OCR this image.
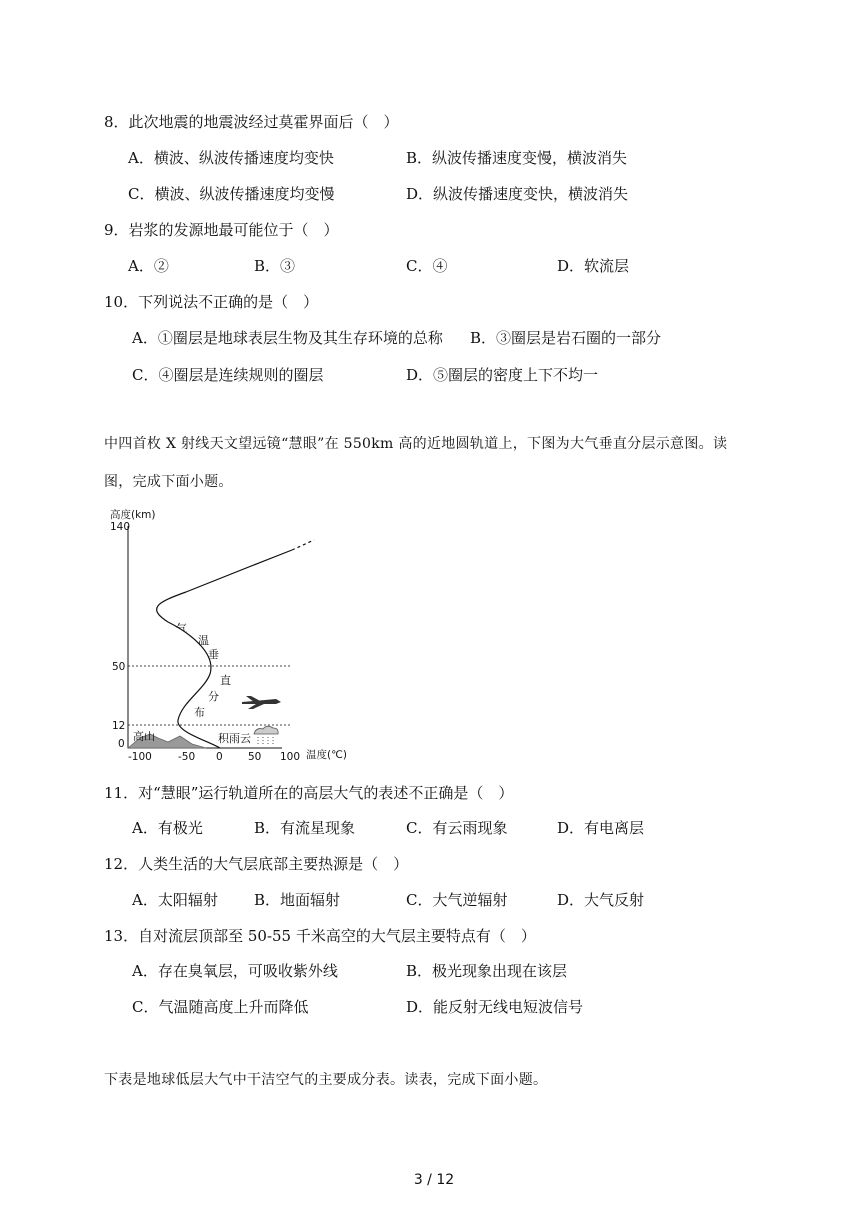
8．此次地震的地震波经过莫霍界面后（　）
A．横波、纵波传播速度均变快	B．纵波传播速度变慢，横波消失
C．横波、纵波传播速度均变慢	D．纵波传播速度变快，横波消失
9．岩浆的发源地最可能位于（　）
A．②	B．③	C．④	D．软流层
10．下列说法不正确的是（　）
A．①圈层是地球表层生物及其生存环境的总称 B．③圈层是岩石圈的一部分
C．④圈层是连续规则的圈层	D．⑤圈层的密度上下不均一
中四首枚 X 射线天文望远镜“慧眼”在 550km 高的近地圆轨道上，下图为大气垂直分层示意图。读
图，完成下面小题。
高度(km)
温度(℃)
140
50
12
0
-100 -50 0 50 100
高山	积雨云
气
温
垂
直
分
布
11．对“慧眼”运行轨道所在的高层大气的表述不正确是（　）
A．有极光	B．有流星现象	C．有云雨现象	D．有电离层
12．人类生活的大气层底部主要热源是（　）
A．太阳辐射 B．地面辐射	C．大气逆辐射	D．大气反射
13．自对流层顶部至 50-55 千米高空的大气层主要特点有（　）
A．存在臭氧层，可吸收紫外线	B．极光现象出现在该层
C．气温随高度上升而降低	D．能反射无线电短波信号
下表是地球低层大气中干洁空气的主要成分表。读表，完成下面小题。
3 / 12
